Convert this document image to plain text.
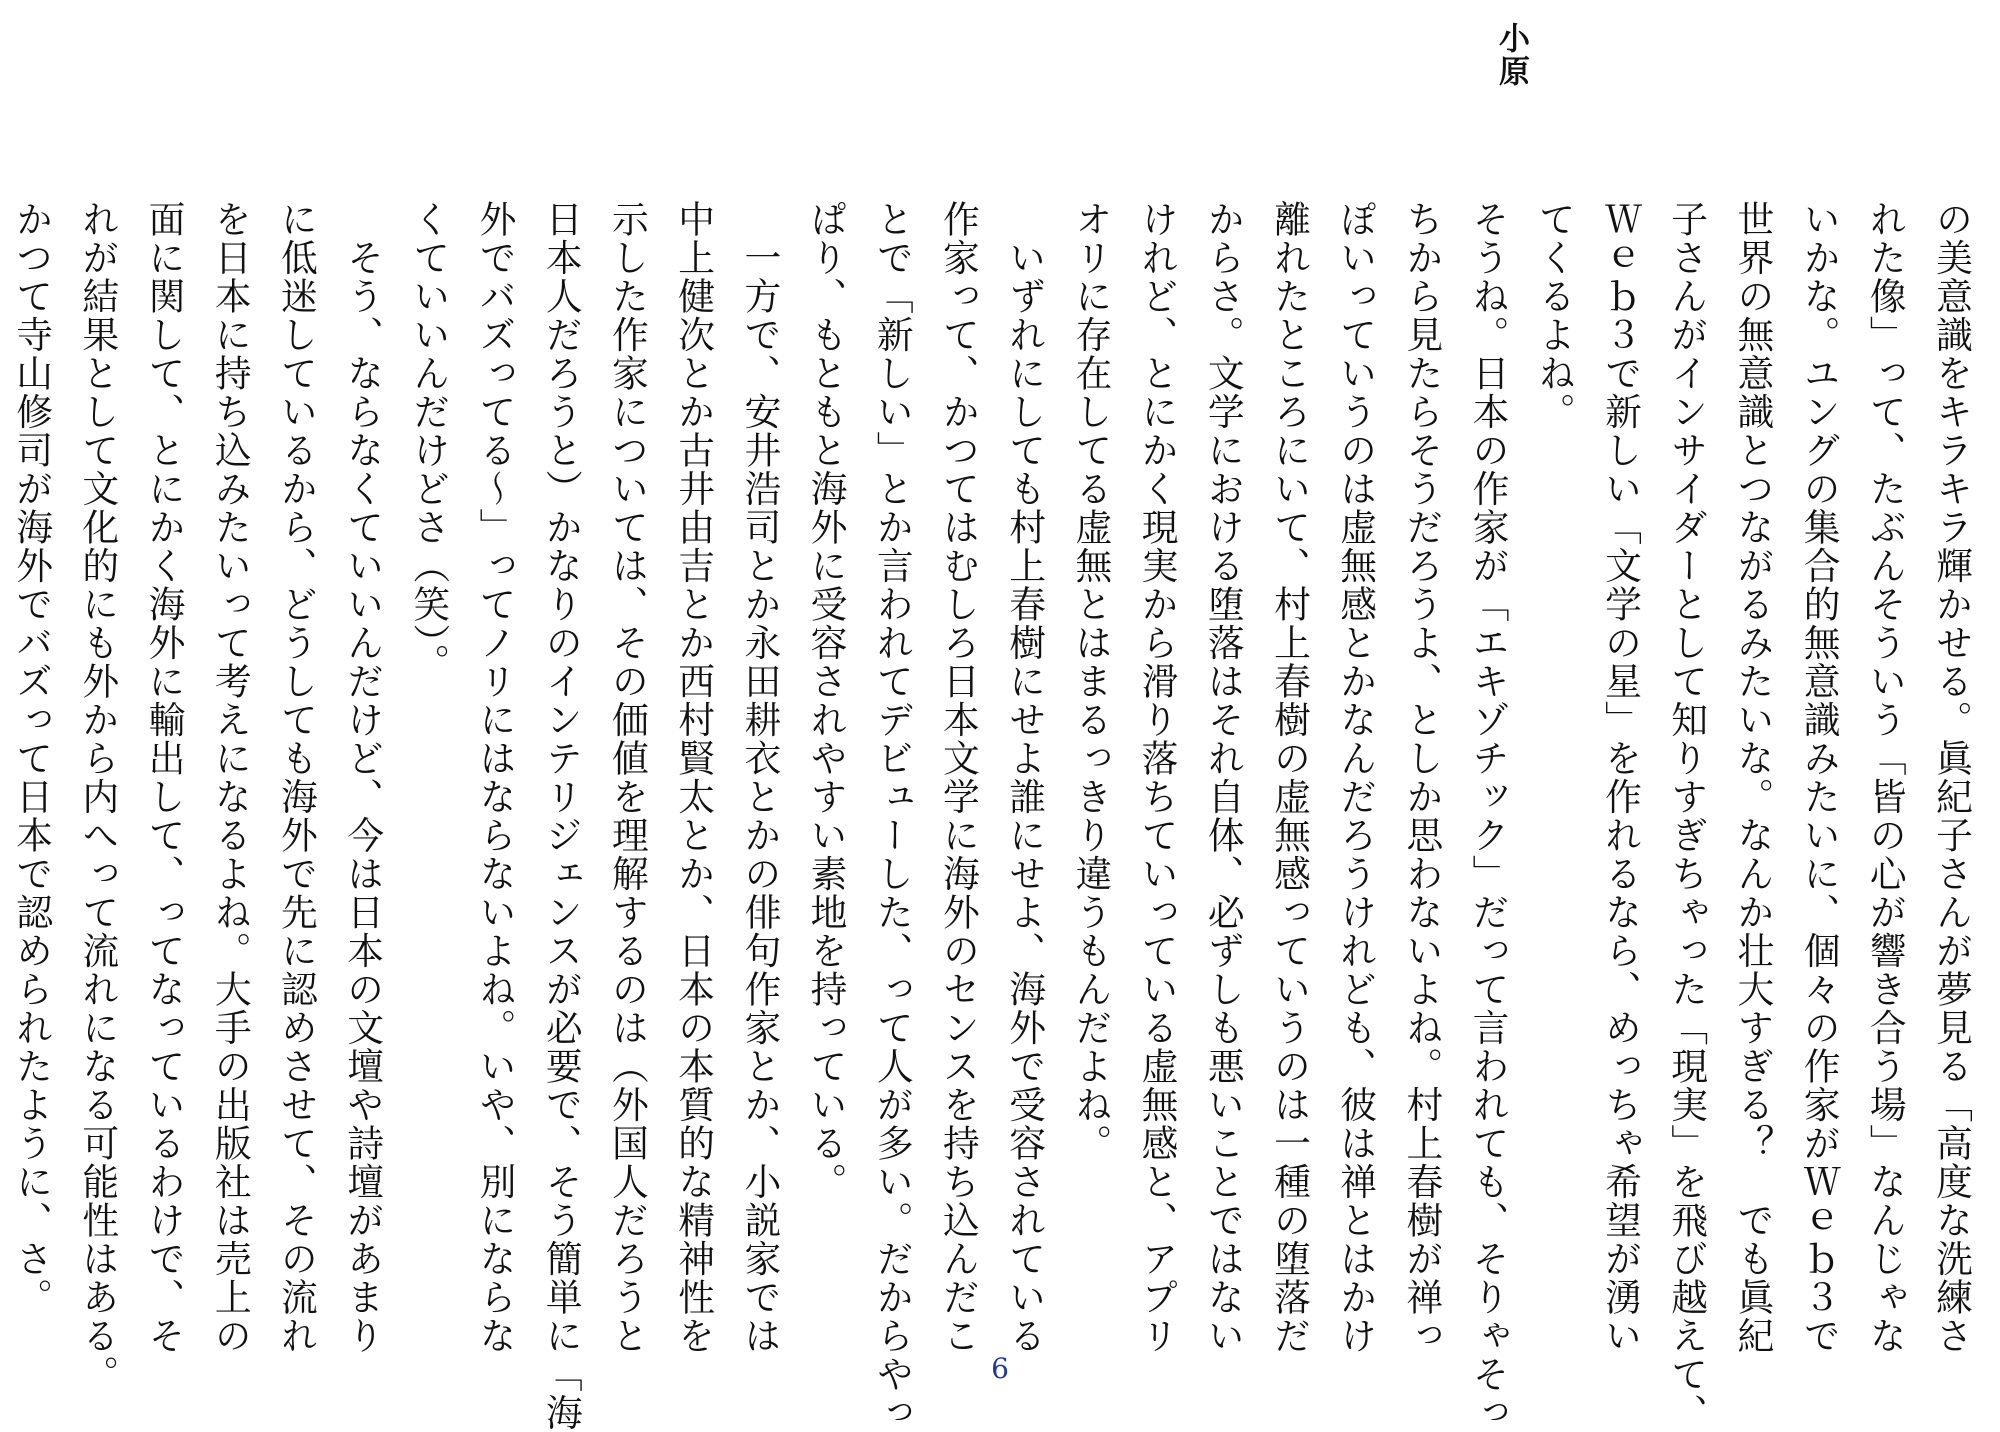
小原
の美意識をキラキラ輝かせる。眞紀子さんが夢見る「高度な洗練さ
れた像」って、たぶんそういう「皆の心が響き合う場」なんじゃな
いかな。ユングの集合的無意識みたいに、個々の作家がＷｅｂ３で
世界の無意識とつながるみたいな。なんか壮大すぎる？　でも眞紀
子さんがインサイダーとして知りすぎちゃった「現実」を飛び越えて、
Ｗｅｂ３で新しい「文学の星」を作れるなら、めっちゃ希望が湧い
てくるよね。
そうね。日本の作家が「エキゾチック」だって言われても、そりゃそっ
ちから見たらそうだろうよ、としか思わないよね。村上春樹が禅っ
ぽいっていうのは虚無感とかなんだろうけれども、彼は禅とはかけ
離れたところにいて、村上春樹の虚無感っていうのは一種の堕落だ
からさ。文学における堕落はそれ自体、必ずしも悪いことではない
けれど、とにかく現実から滑り落ちていっている虚無感と、アプリ
オリに存在してる虚無とはまるっきり違うもんだよね。
　いずれにしても村上春樹にせよ誰にせよ、海外で受容されている
作家って、かつてはむしろ日本文学に海外のセンスを持ち込んだこ
とで「新しい」とか言われてデビューした、って人が多い。だからやっ
ぱり、もともと海外に受容されやすい素地を持っている。
　一方で、安井浩司とか永田耕衣とかの俳句作家とか、小説家では
中上健次とか古井由吉とか西村賢太とか、日本の本質的な精神性を
示した作家については、その価値を理解するのは（外国人だろうと
日本人だろうと）かなりのインテリジェンスが必要で、そう簡単に「海
外でバズってる～」ってノリにはならないよね。いや、別にならな
くていいんだけどさ（笑）。
　そう、ならなくていいんだけど、今は日本の文壇や詩壇があまり
に低迷しているから、どうしても海外で先に認めさせて、その流れ
を日本に持ち込みたいって考えになるよね。大手の出版社は売上の
面に関して、とにかく海外に輸出して、ってなっているわけで、そ
れが結果として文化的にも外から内へって流れになる可能性はある。
かつて寺山修司が海外でバズって日本で認められたように、さ。
6
